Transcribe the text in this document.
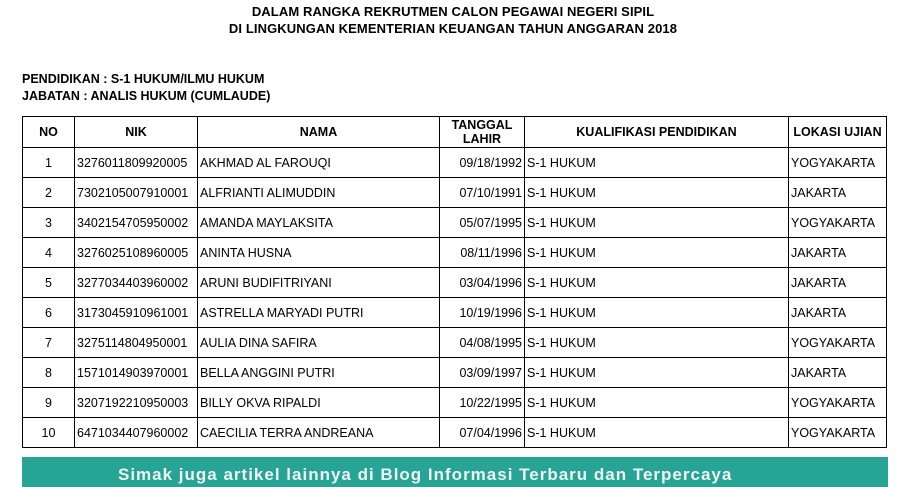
DALAM RANGKA REKRUTMEN CALON PEGAWAI NEGERI SIPIL
DI LINGKUNGAN KEMENTERIAN KEUANGAN TAHUN ANGGARAN 2018
PENDIDIKAN : S-1 HUKUM/ILMU HUKUM
JABATAN : ANALIS HUKUM (CUMLAUDE)
NO	NIK	NAMA	TANGGAL LAHIR	KUALIFIKASI PENDIDIKAN	LOKASI UJIAN
1	3276011809920005	AKHMAD AL FAROUQI	09/18/1992	S-1 HUKUM	YOGYAKARTA
2	7302105007910001	ALFRIANTI ALIMUDDIN	07/10/1991	S-1 HUKUM	JAKARTA
3	3402154705950002	AMANDA MAYLAKSITA	05/07/1995	S-1 HUKUM	YOGYAKARTA
4	3276025108960005	ANINTA HUSNA	08/11/1996	S-1 HUKUM	JAKARTA
5	3277034403960002	ARUNI BUDIFITRIYANI	03/04/1996	S-1 HUKUM	JAKARTA
6	3173045910961001	ASTRELLA MARYADI PUTRI	10/19/1996	S-1 HUKUM	JAKARTA
7	3275114804950001	AULIA DINA SAFIRA	04/08/1995	S-1 HUKUM	YOGYAKARTA
8	1571014903970001	BELLA ANGGINI PUTRI	03/09/1997	S-1 HUKUM	JAKARTA
9	3207192210950003	BILLY OKVA RIPALDI	10/22/1995	S-1 HUKUM	YOGYAKARTA
10	6471034407960002	CAECILIA TERRA ANDREANA	07/04/1996	S-1 HUKUM	YOGYAKARTA
Simak juga artikel lainnya di Blog Informasi Terbaru dan Terpercaya
